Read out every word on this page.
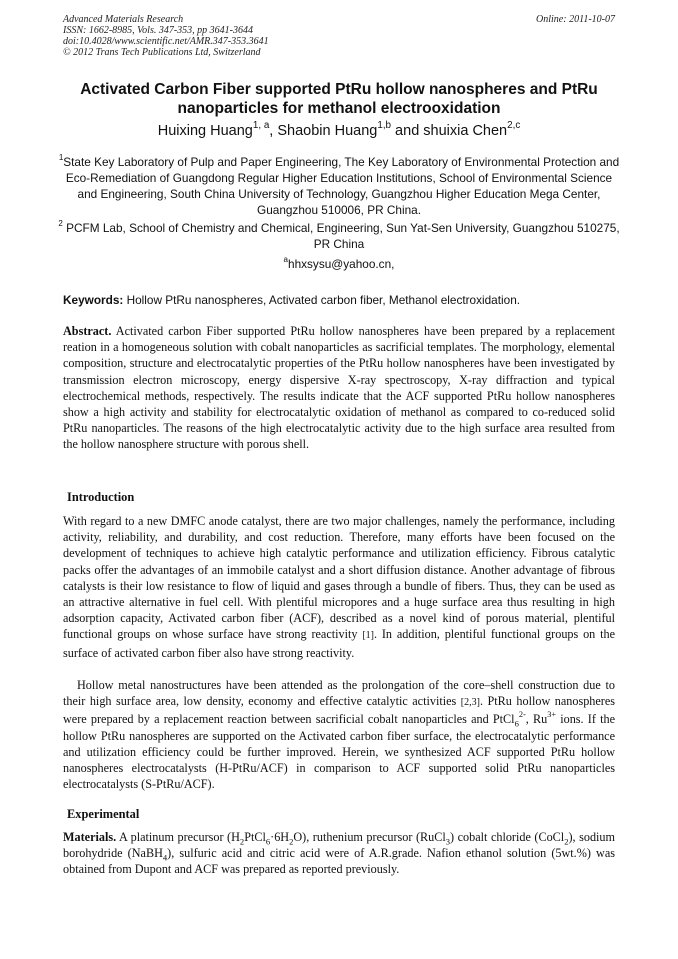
Advanced Materials Research	Online: 2011-10-07
ISSN: 1662-8985, Vols. 347-353, pp 3641-3644
doi:10.4028/www.scientific.net/AMR.347-353.3641
© 2012 Trans Tech Publications Ltd, Switzerland
Activated Carbon Fiber supported PtRu hollow nanospheres and PtRu
nanoparticles for methanol electrooxidation
Huixing Huang$^{1, a}$, Shaobin Huang$^{1,b}$ and shuixia Chen$^{2,c}$
$^1$State Key Laboratory of Pulp and Paper Engineering, The Key Laboratory of Environmental Protection and Eco-Remediation of Guangdong Regular Higher Education Institutions, School of Environmental Science and Engineering, South China University of Technology, Guangzhou Higher Education Mega Center, Guangzhou 510006, PR China.
$^2$ PCFM Lab, School of Chemistry and Chemical, Engineering, Sun Yat-Sen University, Guangzhou 510275, PR China
$^a$hhxsysu@yahoo.cn,
Keywords: Hollow PtRu nanospheres, Activated carbon fiber, Methanol electroxidation.
Abstract. Activated carbon Fiber supported PtRu hollow nanospheres have been prepared by a replacement reation in a homogeneous solution with cobalt nanoparticles as sacrificial templates. The morphology, elemental composition, structure and electrocatalytic properties of the PtRu hollow nanospheres have been investigated by transmission electron microscopy, energy dispersive X-ray spectroscopy, X-ray diffraction and typical electrochemical methods, respectively. The results indicate that the ACF supported PtRu hollow nanospheres show a high activity and stability for electrocatalytic oxidation of methanol as compared to co-reduced solid PtRu nanoparticles. The reasons of the high electrocatalytic activity due to the high surface area resulted from the hollow nanosphere structure with porous shell.
Introduction
With regard to a new DMFC anode catalyst, there are two major challenges, namely the performance, including activity, reliability, and durability, and cost reduction. Therefore, many efforts have been focused on the development of techniques to achieve high catalytic performance and utilization efficiency. Fibrous catalytic packs offer the advantages of an immobile catalyst and a short diffusion distance. Another advantage of fibrous catalysts is their low resistance to flow of liquid and gases through a bundle of fibers. Thus, they can be used as an attractive alternative in fuel cell. With plentiful micropores and a huge surface area thus resulting in high adsorption capacity, Activated carbon fiber (ACF), described as a novel kind of porous material, plentiful functional groups on whose surface have strong reactivity [1]. In addition, plentiful functional groups on the surface of activated carbon fiber also have strong reactivity.
Hollow metal nanostructures have been attended as the prolongation of the core–shell construction due to their high surface area, low density, economy and effective catalytic activities [2,3]. PtRu hollow nanospheres were prepared by a replacement reaction between sacrificial cobalt nanoparticles and PtCl$_6^{2-}$, $Ru^{3+}$ ions. If the hollow PtRu nanospheres are supported on the Activated carbon fiber surface, the electrocatalytic performance and utilization efficiency could be further improved. Herein, we synthesized ACF supported PtRu hollow nanospheres electrocatalysts (H-PtRu/ACF) in comparison to ACF supported solid PtRu nanoparticles electrocatalysts (S-PtRu/ACF).
Experimental
Materials. A platinum precursor $(H_2PtCl_6\cdot 6H_2O)$, ruthenium precursor (RuCl$_3$) cobalt chloride (CoCl$_2$), sodium borohydride (NaBH$_4$), sulfuric acid and citric acid were of A.R.grade. Nafion ethanol solution (5wt.%) was obtained from Dupont and ACF was prepared as reported previously.
